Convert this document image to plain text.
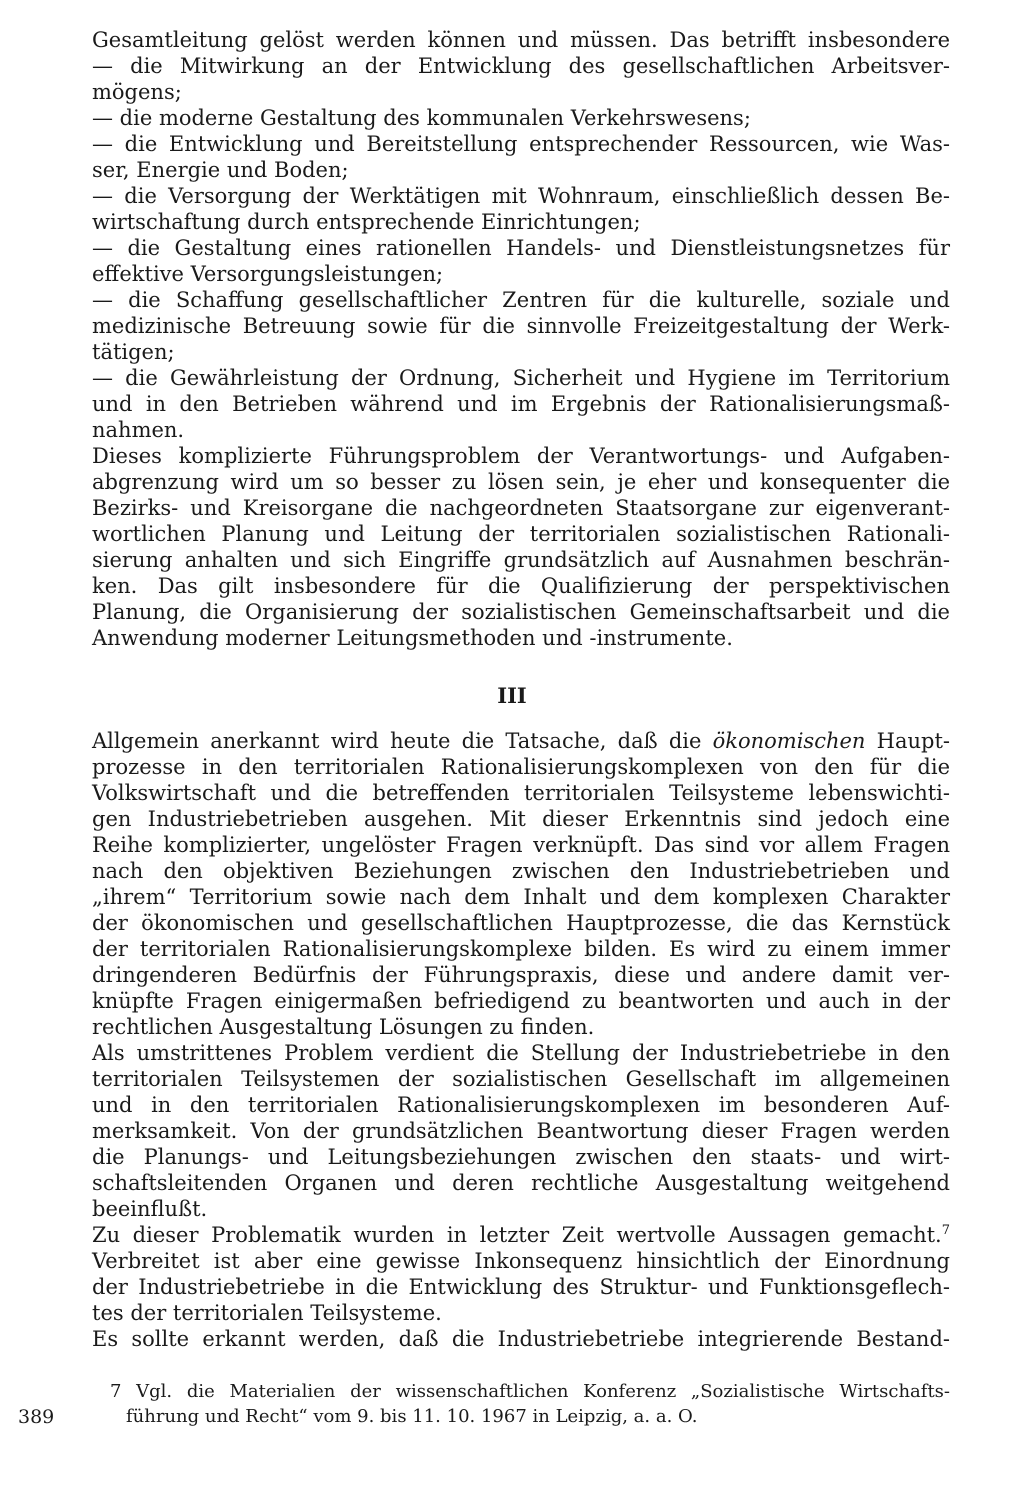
Gesamtleitung gelöst werden können und müssen. Das betrifft insbesondere
— die Mitwirkung an der Entwicklung des gesellschaftlichen Arbeitsver-
mögens;
— die moderne Gestaltung des kommunalen Verkehrswesens;
— die Entwicklung und Bereitstellung entsprechender Ressourcen, wie Was-
ser, Energie und Boden;
— die Versorgung der Werktätigen mit Wohnraum, einschließlich dessen Be-
wirtschaftung durch entsprechende Einrichtungen;
— die Gestaltung eines rationellen Handels- und Dienstleistungsnetzes für
effektive Versorgungsleistungen;
— die Schaffung gesellschaftlicher Zentren für die kulturelle, soziale und
medizinische Betreuung sowie für die sinnvolle Freizeitgestaltung der Werk-
tätigen;
— die Gewährleistung der Ordnung, Sicherheit und Hygiene im Territorium
und in den Betrieben während und im Ergebnis der Rationalisierungsmaß-
nahmen.
Dieses komplizierte Führungsproblem der Verantwortungs- und Aufgaben-
abgrenzung wird um so besser zu lösen sein, je eher und konsequenter die
Bezirks- und Kreisorgane die nachgeordneten Staatsorgane zur eigenverant-
wortlichen Planung und Leitung der territorialen sozialistischen Rationali-
sierung anhalten und sich Eingriffe grundsätzlich auf Ausnahmen beschrän-
ken. Das gilt insbesondere für die Qualifizierung der perspektivischen
Planung, die Organisierung der sozialistischen Gemeinschaftsarbeit und die
Anwendung moderner Leitungsmethoden und -instrumente.
III
Allgemein anerkannt wird heute die Tatsache, daß die ökonomischen Haupt-
prozesse in den territorialen Rationalisierungskomplexen von den für die
Volkswirtschaft und die betreffenden territorialen Teilsysteme lebenswichti-
gen Industriebetrieben ausgehen. Mit dieser Erkenntnis sind jedoch eine
Reihe komplizierter, ungelöster Fragen verknüpft. Das sind vor allem Fragen
nach den objektiven Beziehungen zwischen den Industriebetrieben und
„ihrem“ Territorium sowie nach dem Inhalt und dem komplexen Charakter
der ökonomischen und gesellschaftlichen Hauptprozesse, die das Kernstück
der territorialen Rationalisierungskomplexe bilden. Es wird zu einem immer
dringenderen Bedürfnis der Führungspraxis, diese und andere damit ver-
knüpfte Fragen einigermaßen befriedigend zu beantworten und auch in der
rechtlichen Ausgestaltung Lösungen zu finden.
Als umstrittenes Problem verdient die Stellung der Industriebetriebe in den
territorialen Teilsystemen der sozialistischen Gesellschaft im allgemeinen
und in den territorialen Rationalisierungskomplexen im besonderen Auf-
merksamkeit. Von der grundsätzlichen Beantwortung dieser Fragen werden
die Planungs- und Leitungsbeziehungen zwischen den staats- und wirt-
schaftsleitenden Organen und deren rechtliche Ausgestaltung weitgehend
beeinflußt.
Zu dieser Problematik wurden in letzter Zeit wertvolle Aussagen gemacht.$^7$
Verbreitet ist aber eine gewisse Inkonsequenz hinsichtlich der Einordnung
der Industriebetriebe in die Entwicklung des Struktur- und Funktionsgeflech-
tes der territorialen Teilsysteme.
Es sollte erkannt werden, daß die Industriebetriebe integrierende Bestand-
7 Vgl. die Materialien der wissenschaftlichen Konferenz „Sozialistische Wirtschafts-
führung und Recht“ vom 9. bis 11. 10. 1967 in Leipzig, a. a. O.
389
